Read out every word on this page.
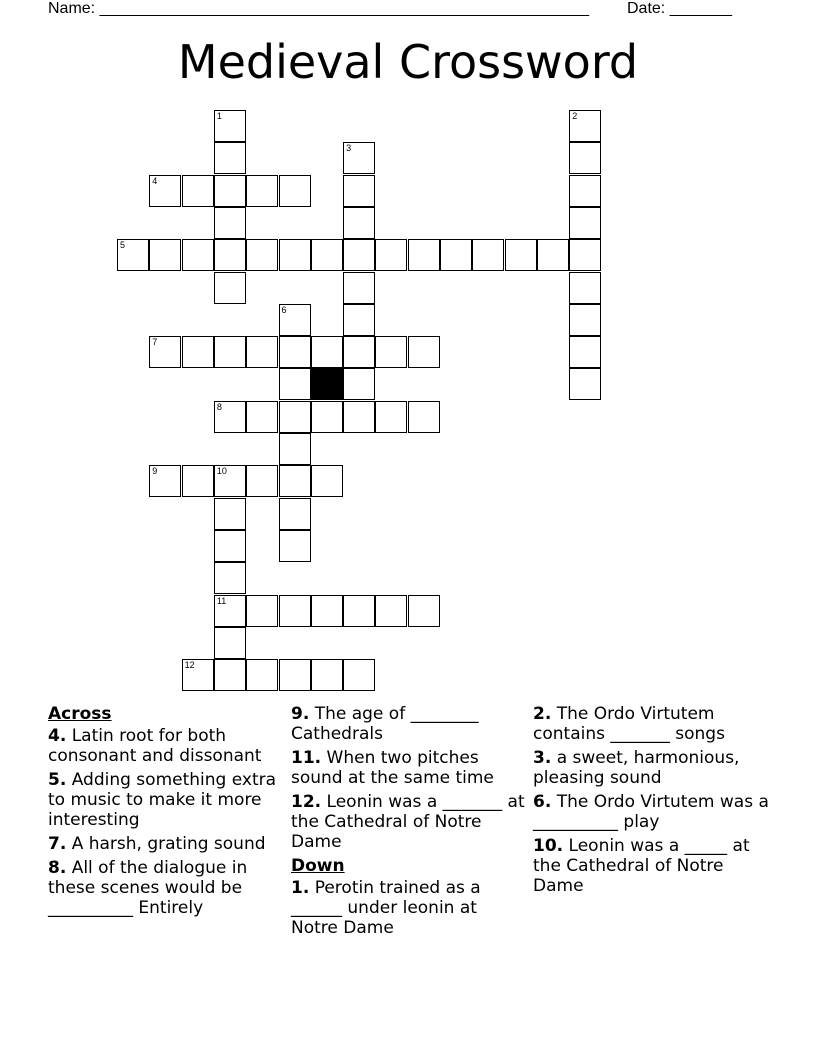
Name: _______________________________________________________ Date: _______
Medieval Crossword
1	2
3
4
5
6
7
8
9	10
11
12
Across
4. Latin root for both consonant and dissonant
5. Adding something extra to music to make it more interesting
7. A harsh, grating sound
8. All of the dialogue in these scenes would be __________ Entirely
9. The age of ________ Cathedrals
11. When two pitches sound at the same time
12. Leonin was a _______ at the Cathedral of Notre Dame
Down
1. Perotin trained as a ______ under leonin at Notre Dame
2. The Ordo Virtutem contains _______ songs
3. a sweet, harmonious, pleasing sound
6. The Ordo Virtutem was a __________ play
10. Leonin was a _____ at the Cathedral of Notre Dame
